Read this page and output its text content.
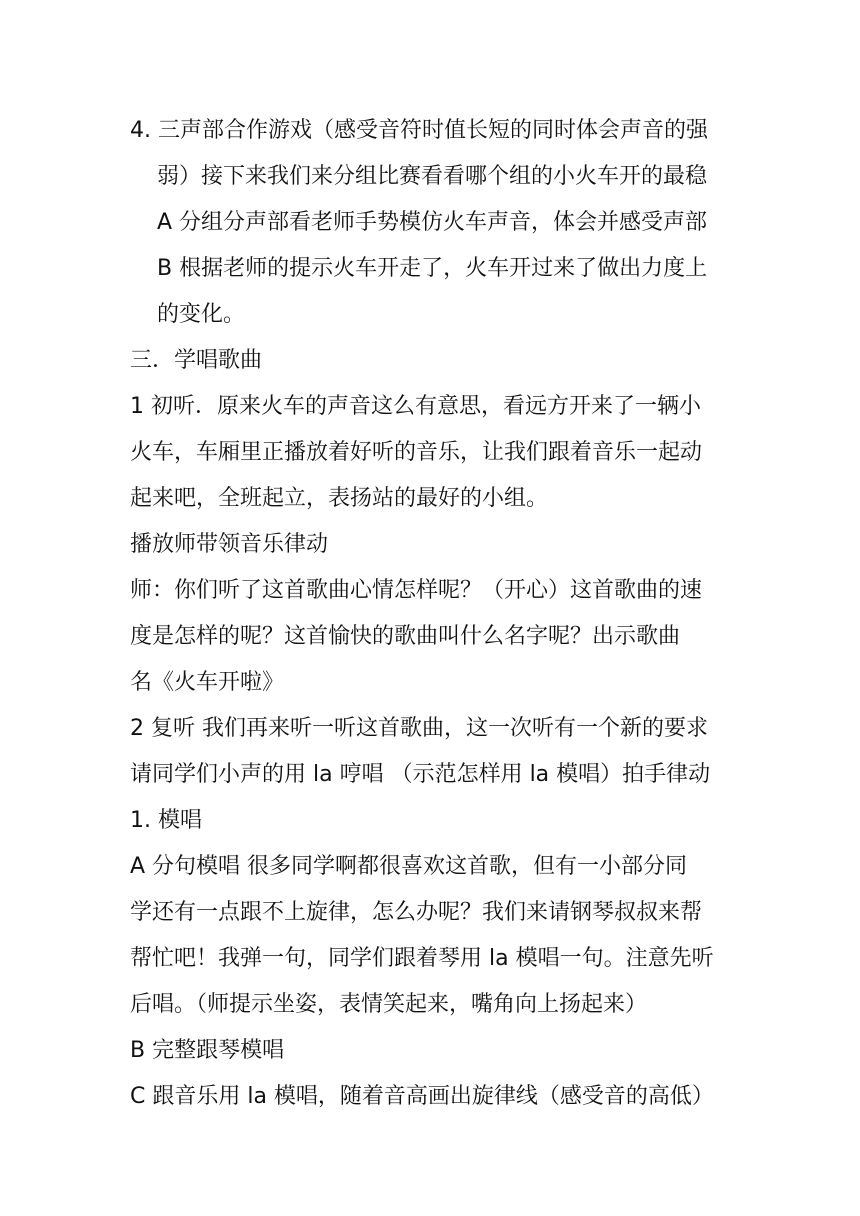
4. 三声部合作游戏（感受音符时值长短的同时体会声音的强

弱）接下来我们来分组比赛看看哪个组的小火车开的最稳

A 分组分声部看老师手势模仿火车声音，体会并感受声部

B 根据老师的提示火车开走了，火车开过来了做出力度上

的变化。

三．学唱歌曲

1 初听．原来火车的声音这么有意思，看远方开来了一辆小

火车，车厢里正播放着好听的音乐，让我们跟着音乐一起动

起来吧，全班起立，表扬站的最好的小组。

播放师带领音乐律动

师：你们听了这首歌曲心情怎样呢？（开心）这首歌曲的速

度是怎样的呢？这首愉快的歌曲叫什么名字呢？出示歌曲

名《火车开啦》

2 复听 我们再来听一听这首歌曲，这一次听有一个新的要求

请同学们小声的用 la 哼唱 （示范怎样用 la 模唱）拍手律动

1. 模唱

A 分句模唱 很多同学啊都很喜欢这首歌，但有一小部分同

学还有一点跟不上旋律，怎么办呢？我们来请钢琴叔叔来帮

帮忙吧！我弹一句，同学们跟着琴用 la 模唱一句。注意先听

后唱。（师提示坐姿，表情笑起来，嘴角向上扬起来）

B 完整跟琴模唱

C 跟音乐用 la 模唱，随着音高画出旋律线（感受音的高低）
